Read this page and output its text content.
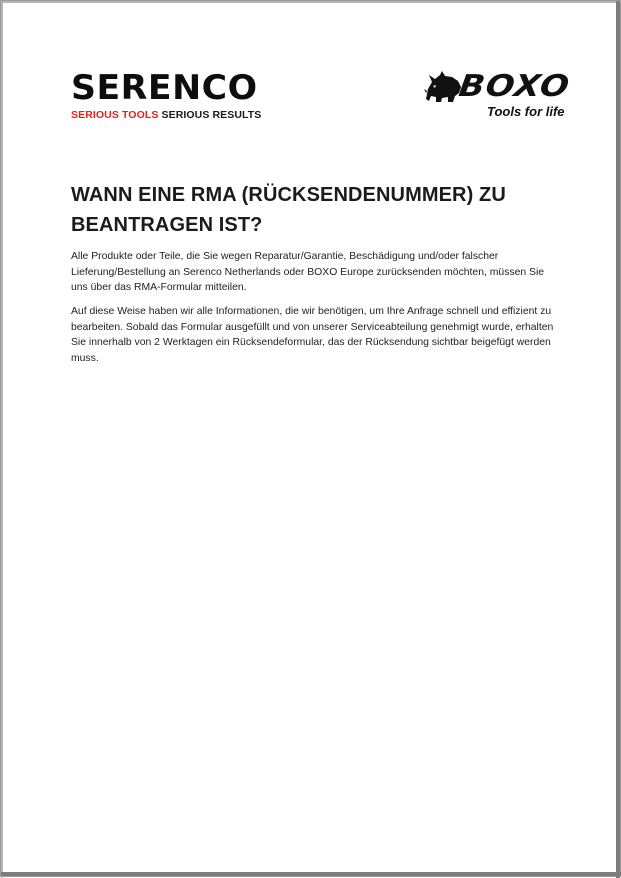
SERENCO
SERIOUS TOOLS SERIOUS RESULTS
BOXO
Tools for life
WANN EINE RMA (RÜCKSENDENUMMER) ZU BEANTRAGEN IST?

Alle Produkte oder Teile, die Sie wegen Reparatur/Garantie, Beschädigung und/oder falscher Lieferung/Bestellung an Serenco Netherlands oder BOXO Europe zurücksenden möchten, müssen Sie uns über das RMA-Formular mitteilen.

Auf diese Weise haben wir alle Informationen, die wir benötigen, um Ihre Anfrage schnell und effizient zu bearbeiten. Sobald das Formular ausgefüllt und von unserer Serviceabteilung genehmigt wurde, erhalten Sie innerhalb von 2 Werktagen ein Rücksendeformular, das der Rücksendung sichtbar beigefügt werden muss.
